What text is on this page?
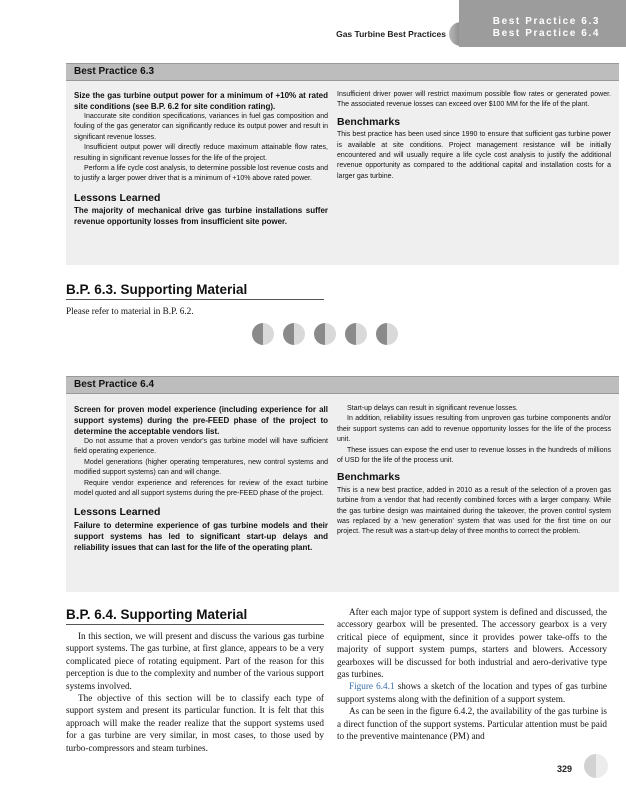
Gas Turbine Best Practices
Best Practice 6.3
Best Practice 6.4
Best Practice 6.3

Size the gas turbine output power for a minimum of +10% at rated site conditions (see B.P. 6.2 for site condition rating).

Inaccurate site condition specifications, variances in fuel gas composition and fouling of the gas generator can significantly reduce its output power and result in significant revenue losses.

Insufficient output power will directly reduce maximum attainable flow rates, resulting in significant revenue losses for the life of the project.

Perform a life cycle cost analysis, to determine possible lost revenue costs and to justify a larger power driver that is a minimum of +10% above rated power.

Lessons Learned
The majority of mechanical drive gas turbine installations suffer revenue opportunity losses from insufficient site power.

Insufficient driver power will restrict maximum possible flow rates or generated power. The associated revenue losses can exceed over $100 MM for the life of the plant.

Benchmarks

This best practice has been used since 1990 to ensure that sufficient gas turbine power is available at site conditions. Project management resistance will be initially encountered and will usually require a life cycle cost analysis to justify the additional revenue opportunity as compared to the additional capital and installation costs for a larger gas turbine.

B.P. 6.3. Supporting Material
Please refer to material in B.P. 6.2.
Best Practice 6.4

Screen for proven model experience (including experience for all support systems) during the pre-FEED phase of the project to determine the acceptable vendors list.

Do not assume that a proven vendor's gas turbine model will have sufficient field operating experience.

Model generations (higher operating temperatures, new control systems and modified support systems) can and will change.

Require vendor experience and references for review of the exact turbine model quoted and all support systems during the pre-FEED phase of the project.

Lessons Learned
Failure to determine experience of gas turbine models and their support systems has led to significant start-up delays and reliability issues that can last for the life of the operating plant.

Start-up delays can result in significant revenue losses.

In addition, reliability issues resulting from unproven gas turbine components and/or their support systems can add to revenue opportunity losses for the life of the process unit.

These issues can expose the end user to revenue losses in the hundreds of millions of USD for the life of the process unit.

Benchmarks

This is a new best practice, added in 2010 as a result of the selection of a proven gas turbine from a vendor that had recently combined forces with a larger company. While the gas turbine design was maintained during the takeover, the proven control system was replaced by a 'new generation' system that was used for the first time on our project. The result was a start-up delay of three months to correct the problem.

B.P. 6.4. Supporting Material

In this section, we will present and discuss the various gas turbine support systems. The gas turbine, at first glance, appears to be a very complicated piece of rotating equipment. Part of the reason for this perception is due to the complexity and number of the various support systems involved.

The objective of this section will be to classify each type of support system and present its particular function. It is felt that this approach will make the reader realize that the support systems used for a gas turbine are very similar, in most cases, to those used by turbo-compressors and steam turbines.

After each major type of support system is defined and discussed, the accessory gearbox will be presented. The accessory gearbox is a very critical piece of equipment, since it provides power take-offs to the majority of support system pumps, starters and blowers. Accessory gearboxes will be discussed for both industrial and aero-derivative type gas turbines.

Figure 6.4.1 shows a sketch of the location and types of gas turbine support systems along with the definition of a support system.

As can be seen in the figure 6.4.2, the availability of the gas turbine is a direct function of the support systems. Particular attention must be paid to the preventive maintenance (PM) and

329
